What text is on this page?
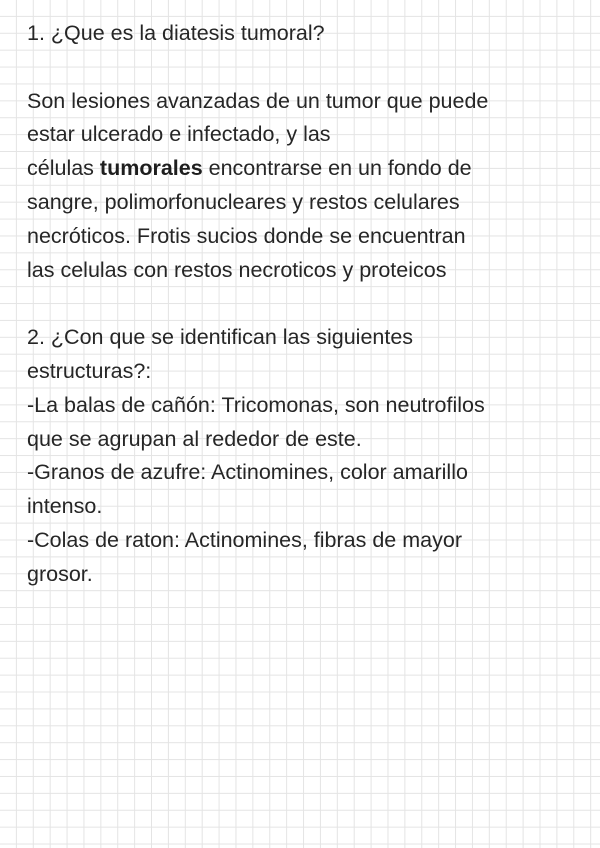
1. ¿Que es la diatesis tumoral?
Son lesiones avanzadas de un tumor que puede
estar ulcerado e infectado, y las
células tumorales encontrarse en un fondo de
sangre, polimorfonucleares y restos celulares
necróticos. Frotis sucios donde se encuentran
las celulas con restos necroticos y proteicos
2. ¿Con que se identifican las siguientes
estructuras?:
-La balas de cañón: Tricomonas, son neutrofilos
que se agrupan al rededor de este.
-Granos de azufre: Actinomines, color amarillo
intenso.
-Colas de raton: Actinomines, fibras de mayor
grosor.
